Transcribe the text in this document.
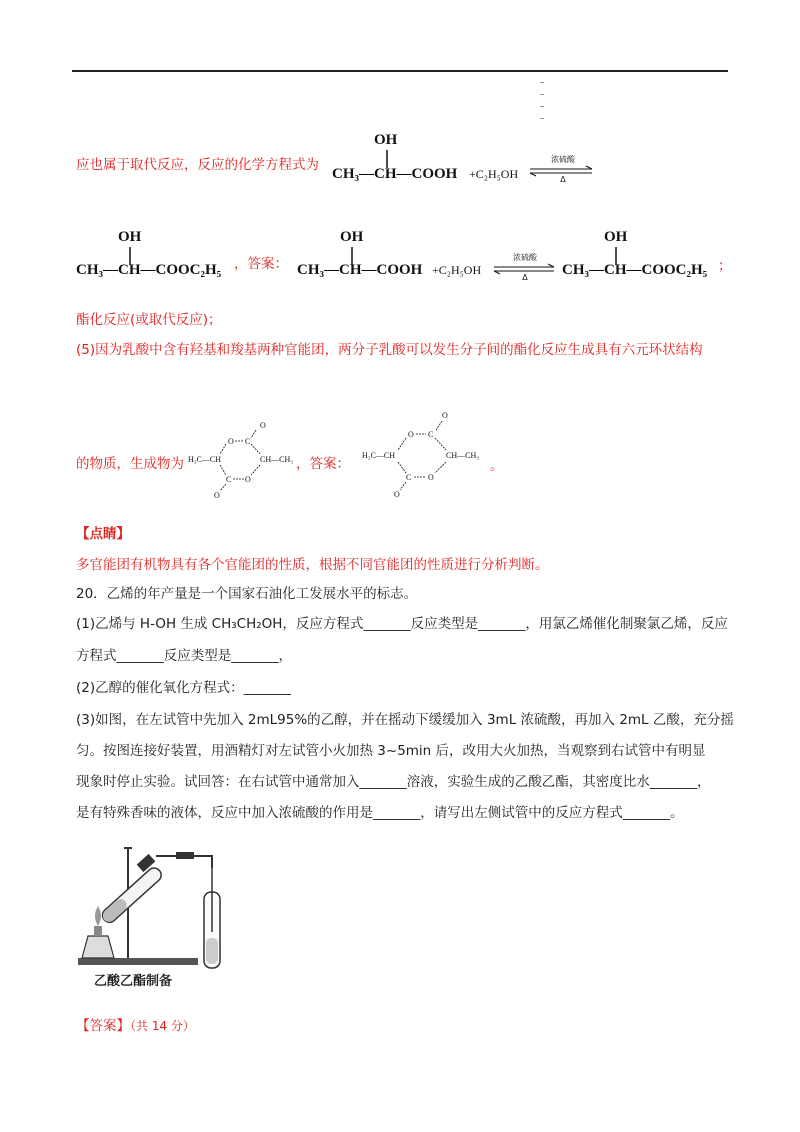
应也属于取代反应，反应的化学方程式为
OH
CH₃—CH—COOH +C₂H₅OH
浓硫酸
Δ
OH
CH₃—CH—COOC₂H₅ ，答案：
OH
CH₃—CH—COOH +C₂H₅OH
浓硫酸
Δ
OH
CH₃—CH—COOC₂H₅ ；
酯化反应(或取代反应)；
(5)因为乳酸中含有羟基和羧基两种官能团，两分子乳酸可以发生分子间的酯化反应生成具有六元环状结构
的物质，生成物为
O
O C
H₃C—CH	CH—CH₃
C O
O
，答案：
O
O C
H₃C—CH	CH—CH₃
C O
O
。
【点睛】
多官能团有机物具有各个官能团的性质，根据不同官能团的性质进行分析判断。
20．乙烯的年产量是一个国家石油化工发展水平的标志。
(1)乙烯与 H-OH 生成 CH₃CH₂OH，反应方程式_______反应类型是_______，用氯乙烯催化制聚氯乙烯，反应
方程式_______反应类型是_______，
(2)乙醇的催化氧化方程式：_______
(3)如图，在左试管中先加入 2mL95%的乙醇，并在摇动下缓缓加入 3mL 浓硫酸，再加入 2mL 乙酸，充分摇
匀。按图连接好装置，用酒精灯对左试管小火加热 3~5min 后，改用大火加热，当观察到右试管中有明显
现象时停止实验。试回答：在右试管中通常加入_______溶液，实验生成的乙酸乙酯，其密度比水_______，
是有特殊香味的液体，反应中加入浓硫酸的作用是_______，请写出左侧试管中的反应方程式_______。
乙酸乙酯制备
【答案】（共 14 分）
